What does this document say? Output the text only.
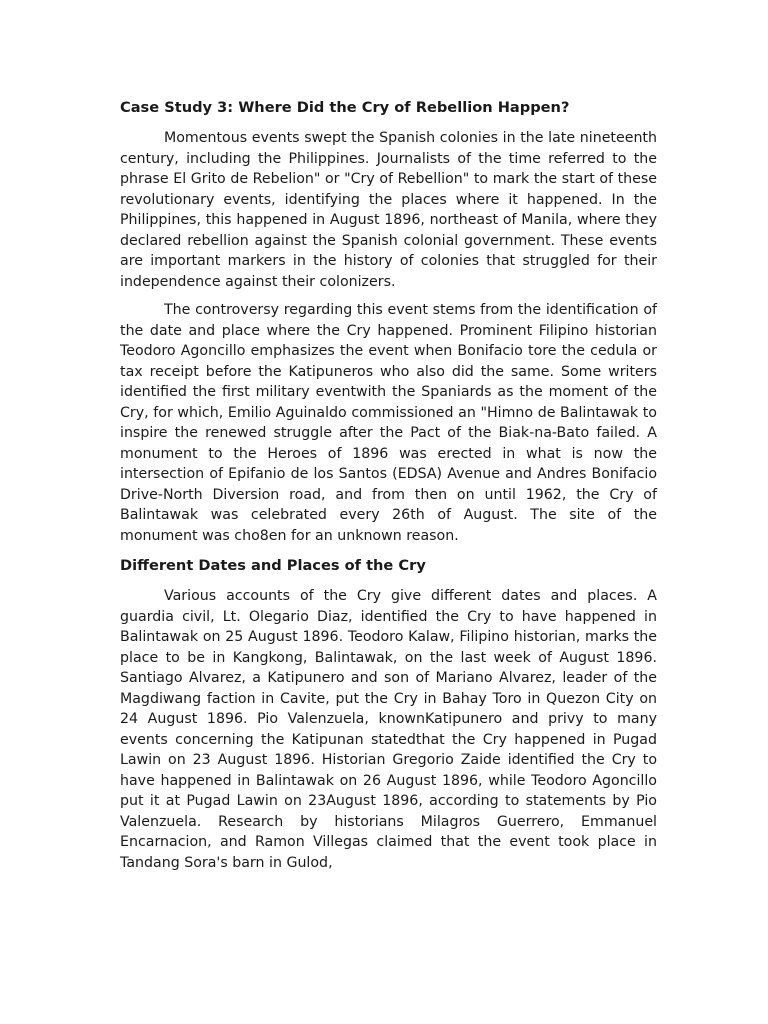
Case Study 3: Where Did the Cry of Rebellion Happen?

Momentous events swept the Spanish colonies in the late nineteenth century, including the Philippines. Journalists of the time referred to the phrase El Grito de Rebelion" or "Cry of Rebellion" to mark the start of these revolutionary events, identifying the places where it happened. In the Philippines, this happened in August 1896, northeast of Manila, where they declared rebellion against the Spanish colonial government. These events are important markers in the history of colonies that struggled for their independence against their colonizers.

The controversy regarding this event stems from the identification of the date and place where the Cry happened. Prominent Filipino historian Teodoro Agoncillo emphasizes the event when Bonifacio tore the cedula or tax receipt before the Katipuneros who also did the same. Some writers identified the first military eventwith the Spaniards as the moment of the Cry, for which, Emilio Aguinaldo commissioned an "Himno de Balintawak to inspire the renewed struggle after the Pact of the Biak-na-Bato failed. A monument to the Heroes of 1896 was erected in what is now the intersection of Epifanio de los Santos (EDSA) Avenue and Andres Bonifacio Drive-North Diversion road, and from then on until 1962, the Cry of Balintawak was celebrated every 26th of August. The site of the monument was cho8en for an unknown reason.

Different Dates and Places of the Cry

Various accounts of the Cry give different dates and places. A guardia civil, Lt. Olegario Diaz, identified the Cry to have happened in Balintawak on 25 August 1896. Teodoro Kalaw, Filipino historian, marks the place to be in Kangkong, Balintawak, on the last week of August 1896. Santiago Alvarez, a Katipunero and son of Mariano Alvarez, leader of the Magdiwang faction in Cavite, put the Cry in Bahay Toro in Quezon City on 24 August 1896. Pio Valenzuela, knownKatipunero and privy to many events concerning the Katipunan statedthat the Cry happened in Pugad Lawin on 23 August 1896. Historian Gregorio Zaide identified the Cry to have happened in Balintawak on 26 August 1896, while Teodoro Agoncillo put it at Pugad Lawin on 23August 1896, according to statements by Pio Valenzuela. Research by historians Milagros Guerrero, Emmanuel Encarnacion, and Ramon Villegas claimed that the event took place in Tandang Sora's barn in Gulod,
